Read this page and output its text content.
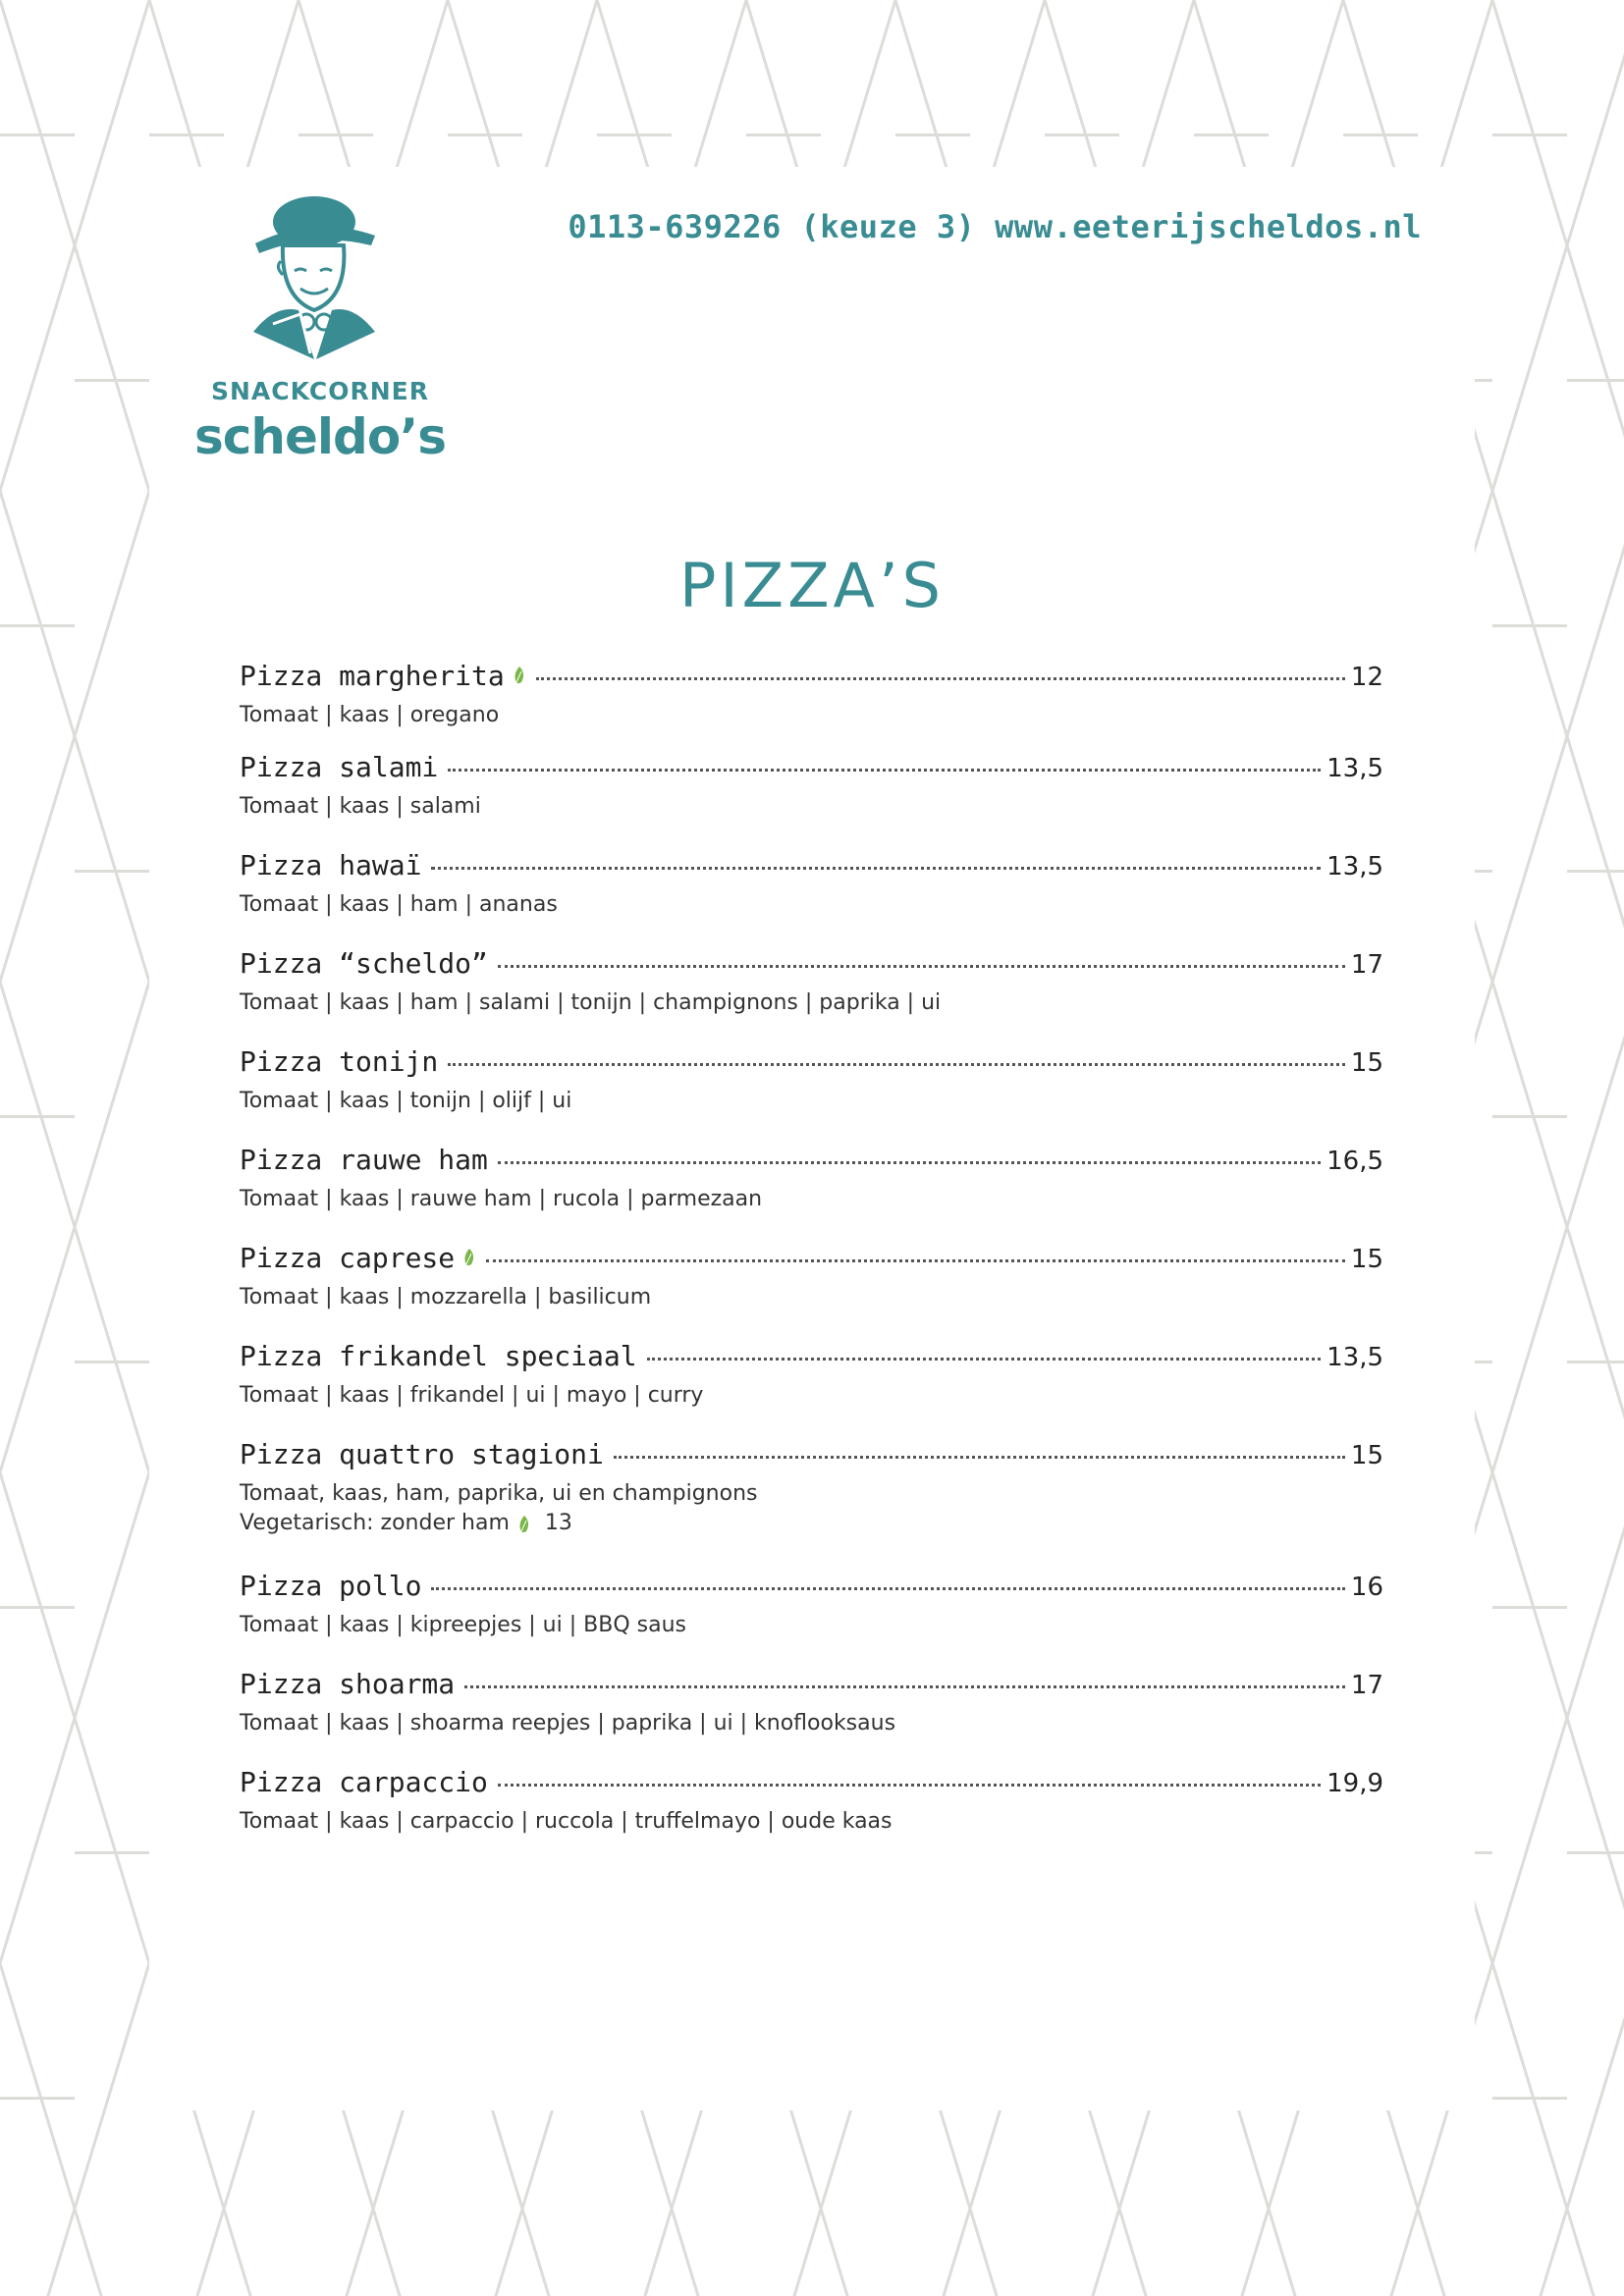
SNACKCORNER
scheldo’s
0113-639226 (keuze 3) www.eeterijscheldos.nl
PIZZA’S
Pizza margherita	12
Tomaat | kaas | oregano
Pizza salami	13,5
Tomaat | kaas | salami
Pizza hawaï	13,5
Tomaat | kaas | ham | ananas
Pizza “scheldo”	17
Tomaat | kaas | ham | salami | tonijn | champignons | paprika | ui
Pizza tonijn	15
Tomaat | kaas | tonijn | olijf | ui
Pizza rauwe ham	16,5
Tomaat | kaas | rauwe ham | rucola | parmezaan
Pizza caprese	15
Tomaat | kaas | mozzarella | basilicum
Pizza frikandel speciaal	13,5
Tomaat | kaas | frikandel | ui | mayo | curry
Pizza quattro stagioni	15
Tomaat, kaas, ham, paprika, ui en champignons
Vegetarisch: zonder ham 13
Pizza pollo	16
Tomaat | kaas | kipreepjes | ui | BBQ saus
Pizza shoarma	17
Tomaat | kaas | shoarma reepjes | paprika | ui | knoflooksaus
Pizza carpaccio	19,9
Tomaat | kaas | carpaccio | ruccola | truffelmayo | oude kaas
